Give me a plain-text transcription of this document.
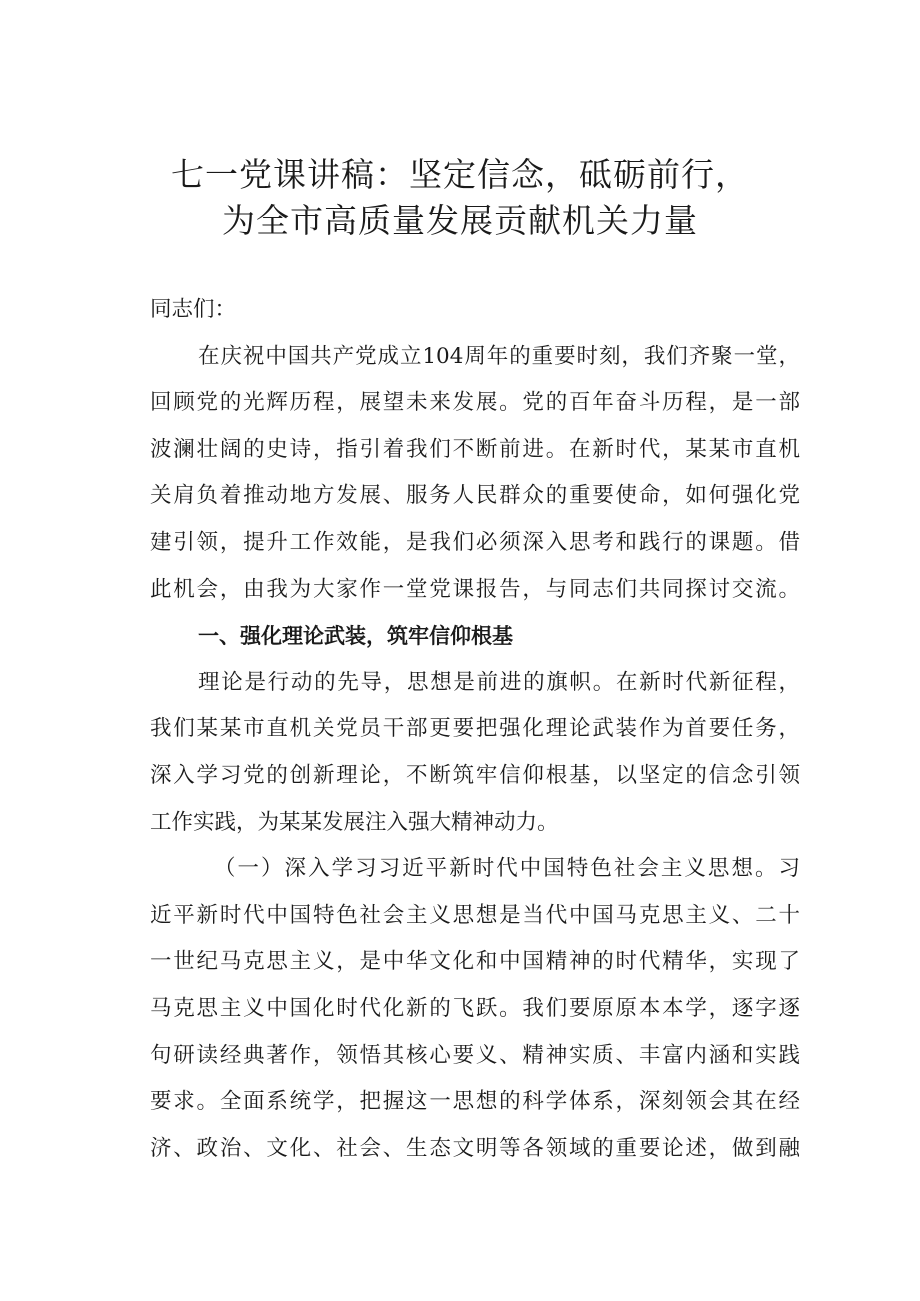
七一党课讲稿：坚定信念，砥砺前行，
为全市高质量发展贡献机关力量
同志们：
在庆祝中国共产党成立104周年的重要时刻，我们齐聚一堂，
回顾党的光辉历程，展望未来发展。党的百年奋斗历程，是一部
波澜壮阔的史诗，指引着我们不断前进。在新时代，某某市直机
关肩负着推动地方发展、服务人民群众的重要使命，如何强化党
建引领，提升工作效能，是我们必须深入思考和践行的课题。借
此机会，由我为大家作一堂党课报告，与同志们共同探讨交流。
一、强化理论武装，筑牢信仰根基
理论是行动的先导，思想是前进的旗帜。在新时代新征程，
我们某某市直机关党员干部更要把强化理论武装作为首要任务，
深入学习党的创新理论，不断筑牢信仰根基，以坚定的信念引领
工作实践，为某某发展注入强大精神动力。
（一）深入学习习近平新时代中国特色社会主义思想。习
近平新时代中国特色社会主义思想是当代中国马克思主义、二十
一世纪马克思主义，是中华文化和中国精神的时代精华，实现了
马克思主义中国化时代化新的飞跃。我们要原原本本学，逐字逐
句研读经典著作，领悟其核心要义、精神实质、丰富内涵和实践
要求。全面系统学，把握这一思想的科学体系，深刻领会其在经
济、政治、文化、社会、生态文明等各领域的重要论述，做到融
